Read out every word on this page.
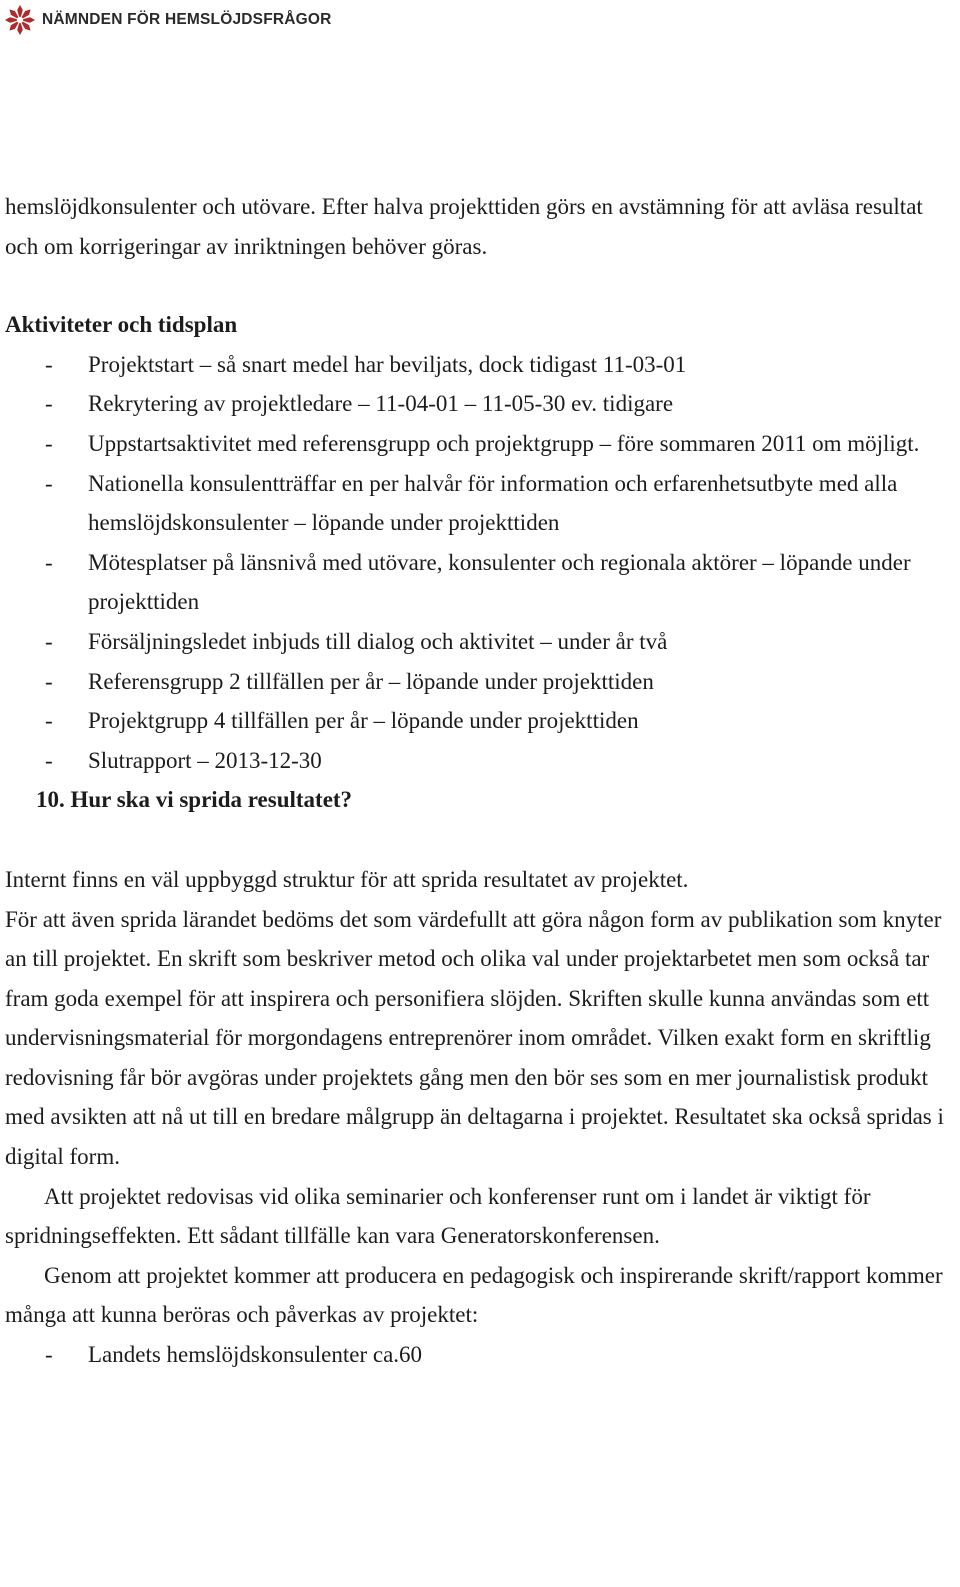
NÄMNDEN FÖR HEMSLÖJDSFRÅGOR

hemslöjdkonsulenter och utövare. Efter halva projekttiden görs en avstämning för att avläsa resultat och om korrigeringar av inriktningen behöver göras.

Aktiviteter och tidsplan

- Projektstart – så snart medel har beviljats, dock tidigast 11-03-01
- Rekrytering av projektledare – 11-04-01 – 11-05-30 ev. tidigare
- Uppstartsaktivitet med referensgrupp och projektgrupp – före sommaren 2011 om möjligt.
- Nationella konsulentträffar en per halvår för information och erfarenhetsutbyte med alla hemslöjdskonsulenter – löpande under projekttiden
- Mötesplatser på länsnivå med utövare, konsulenter och regionala aktörer – löpande under projekttiden
- Försäljningsledet inbjuds till dialog och aktivitet – under år två
- Referensgrupp 2 tillfällen per år – löpande under projekttiden
- Projektgrupp 4 tillfällen per år – löpande under projekttiden
- Slutrapport – 2013-12-30

10. Hur ska vi sprida resultatet?

Internt finns en väl uppbyggd struktur för att sprida resultatet av projektet.

För att även sprida lärandet bedöms det som värdefullt att göra någon form av publikation som knyter an till projektet. En skrift som beskriver metod och olika val under projektarbetet men som också tar fram goda exempel för att inspirera och personifiera slöjden. Skriften skulle kunna användas som ett undervisningsmaterial för morgondagens entreprenörer inom området. Vilken exakt form en skriftlig redovisning får bör avgöras under projektets gång men den bör ses som en mer journalistisk produkt med avsikten att nå ut till en bredare målgrupp än deltagarna i projektet. Resultatet ska också spridas i digital form.

Att projektet redovisas vid olika seminarier och konferenser runt om i landet är viktigt för spridningseffekten. Ett sådant tillfälle kan vara Generatorskonferensen.

Genom att projektet kommer att producera en pedagogisk och inspirerande skrift/rapport kommer många att kunna beröras och påverkas av projektet:

- Landets hemslöjdskonsulenter ca.60
